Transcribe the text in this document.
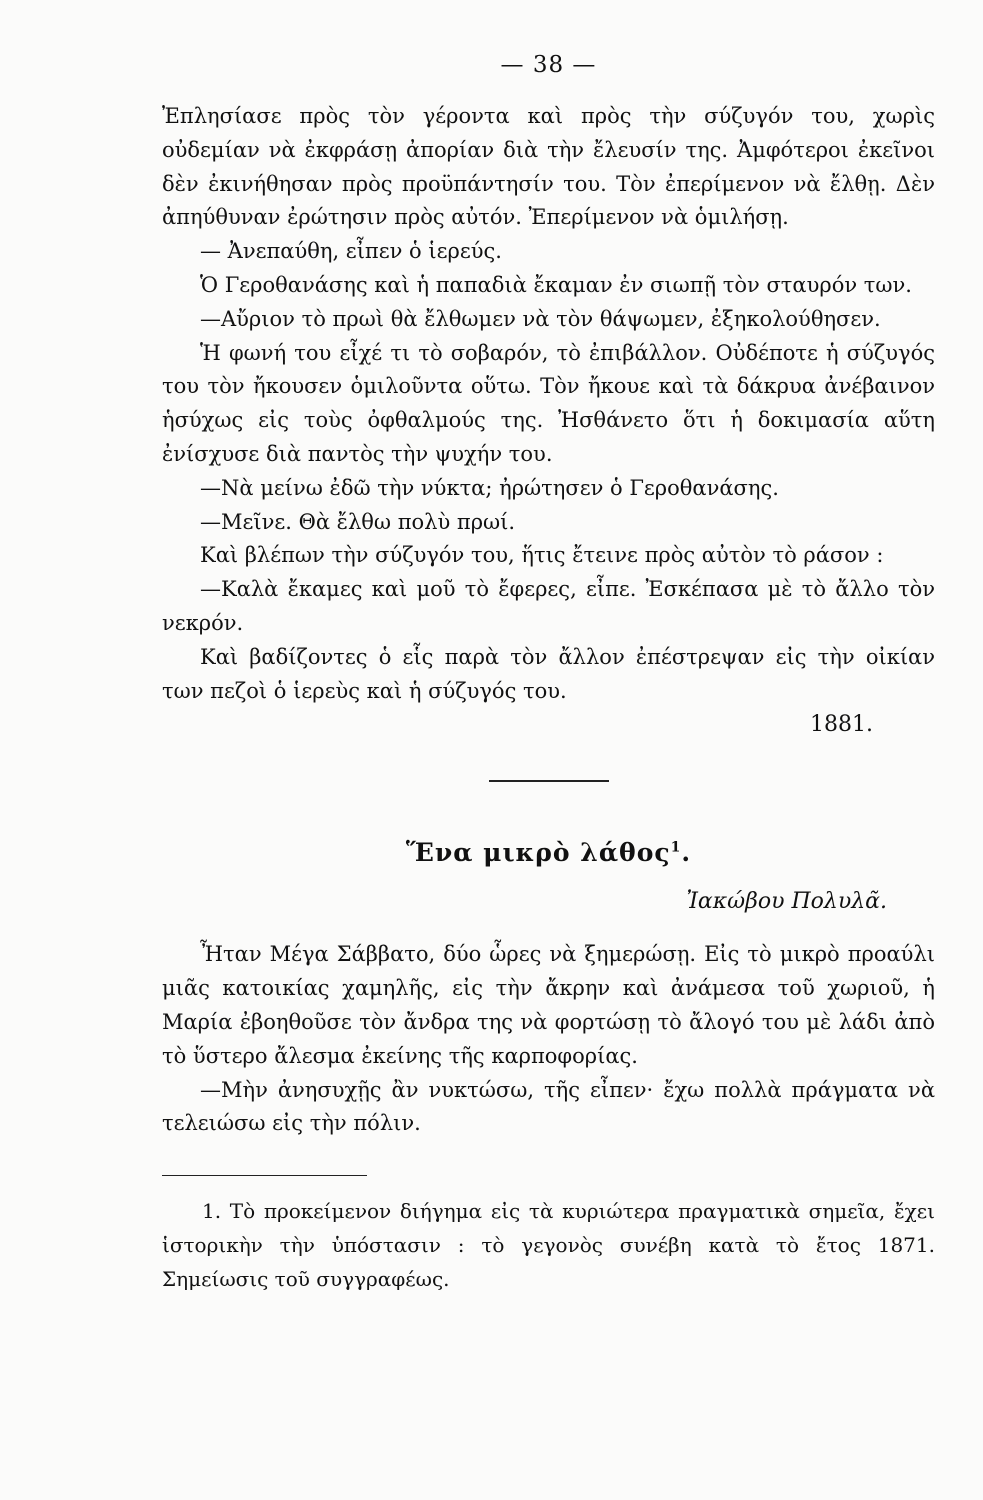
— 38 —

Ἐπλησίασε πρὸς τὸν γέροντα καὶ πρὸς τὴν σύζυγόν του, χωρὶς οὐδεμίαν νὰ ἐκφράσῃ ἀπορίαν διὰ τὴν ἔλευσίν της. Ἀμφότεροι ἐκεῖνοι δὲν ἐκινήθησαν πρὸς προϋπάντησίν του. Τὸν ἐπερίμενον νὰ ἔλθῃ. Δὲν ἀπηύθυναν ἐρώτησιν πρὸς αὐτόν. Ἐπερίμενον νὰ ὁμιλήσῃ.

— Ἀνεπαύθη, εἶπεν ὁ ἱερεύς.

Ὁ Γεροθανάσης καὶ ἡ παπαδιὰ ἔκαμαν ἐν σιωπῇ τὸν σταυρόν των.

—Αὔριον τὸ πρωὶ θὰ ἔλθωμεν νὰ τὸν θάψωμεν, ἐξηκολούθησεν.

Ἡ φωνή του εἶχέ τι τὸ σοβαρόν, τὸ ἐπιβάλλον. Οὐδέποτε ἡ σύζυγός του τὸν ἤκουσεν ὁμιλοῦντα οὕτω. Τὸν ἤκουε καὶ τὰ δάκρυα ἀνέβαινον ἡσύχως εἰς τοὺς ὀφθαλμούς της. Ἠσθάνετο ὅτι ἡ δοκιμασία αὕτη ἐνίσχυσε διὰ παντὸς τὴν ψυχήν του.

—Νὰ μείνω ἐδῶ τὴν νύκτα; ἠρώτησεν ὁ Γεροθανάσης.

—Μεῖνε. Θὰ ἔλθω πολὺ πρωί.

Καὶ βλέπων τὴν σύζυγόν του, ἥτις ἔτεινε πρὸς αὐτὸν τὸ ράσον :

—Καλὰ ἔκαμες καὶ μοῦ τὸ ἔφερες, εἶπε. Ἐσκέπασα μὲ τὸ ἄλλο τὸν νεκρόν.

Καὶ βαδίζοντες ὁ εἷς παρὰ τὸν ἄλλον ἐπέστρεψαν εἰς τὴν οἰκίαν των πεζοὶ ὁ ἱερεὺς καὶ ἡ σύζυγός του.

1881.
Ἕνα μικρὸ λάθος$^1$.
Ἰακώβου Πολυλᾶ.

Ἦταν Μέγα Σάββατο, δύο ὧρες νὰ ξημερώσῃ. Εἰς τὸ μικρὸ προαύλι μιᾶς κατοικίας χαμηλῆς, εἰς τὴν ἄκρην καὶ ἀνάμεσα τοῦ χωριοῦ, ἡ Μαρία ἐβοηθοῦσε τὸν ἄνδρα της νὰ φορτώσῃ τὸ ἄλογό του μὲ λάδι ἀπὸ τὸ ὕστερο ἄλεσμα ἐκείνης τῆς καρποφορίας.

—Μὴν ἀνησυχῇς ἂν νυκτώσω, τῆς εἶπεν· ἔχω πολλὰ πράγματα νὰ τελειώσω εἰς τὴν πόλιν.

1. Τὸ προκείμενον διήγημα εἰς τὰ κυριώτερα πραγματικὰ σημεῖα, ἔχει ἱστορικὴν τὴν ὑπόστασιν : τὸ γεγονὸς συνέβη κατὰ τὸ ἔτος 1871. Σημείωσις τοῦ συγγραφέως.
